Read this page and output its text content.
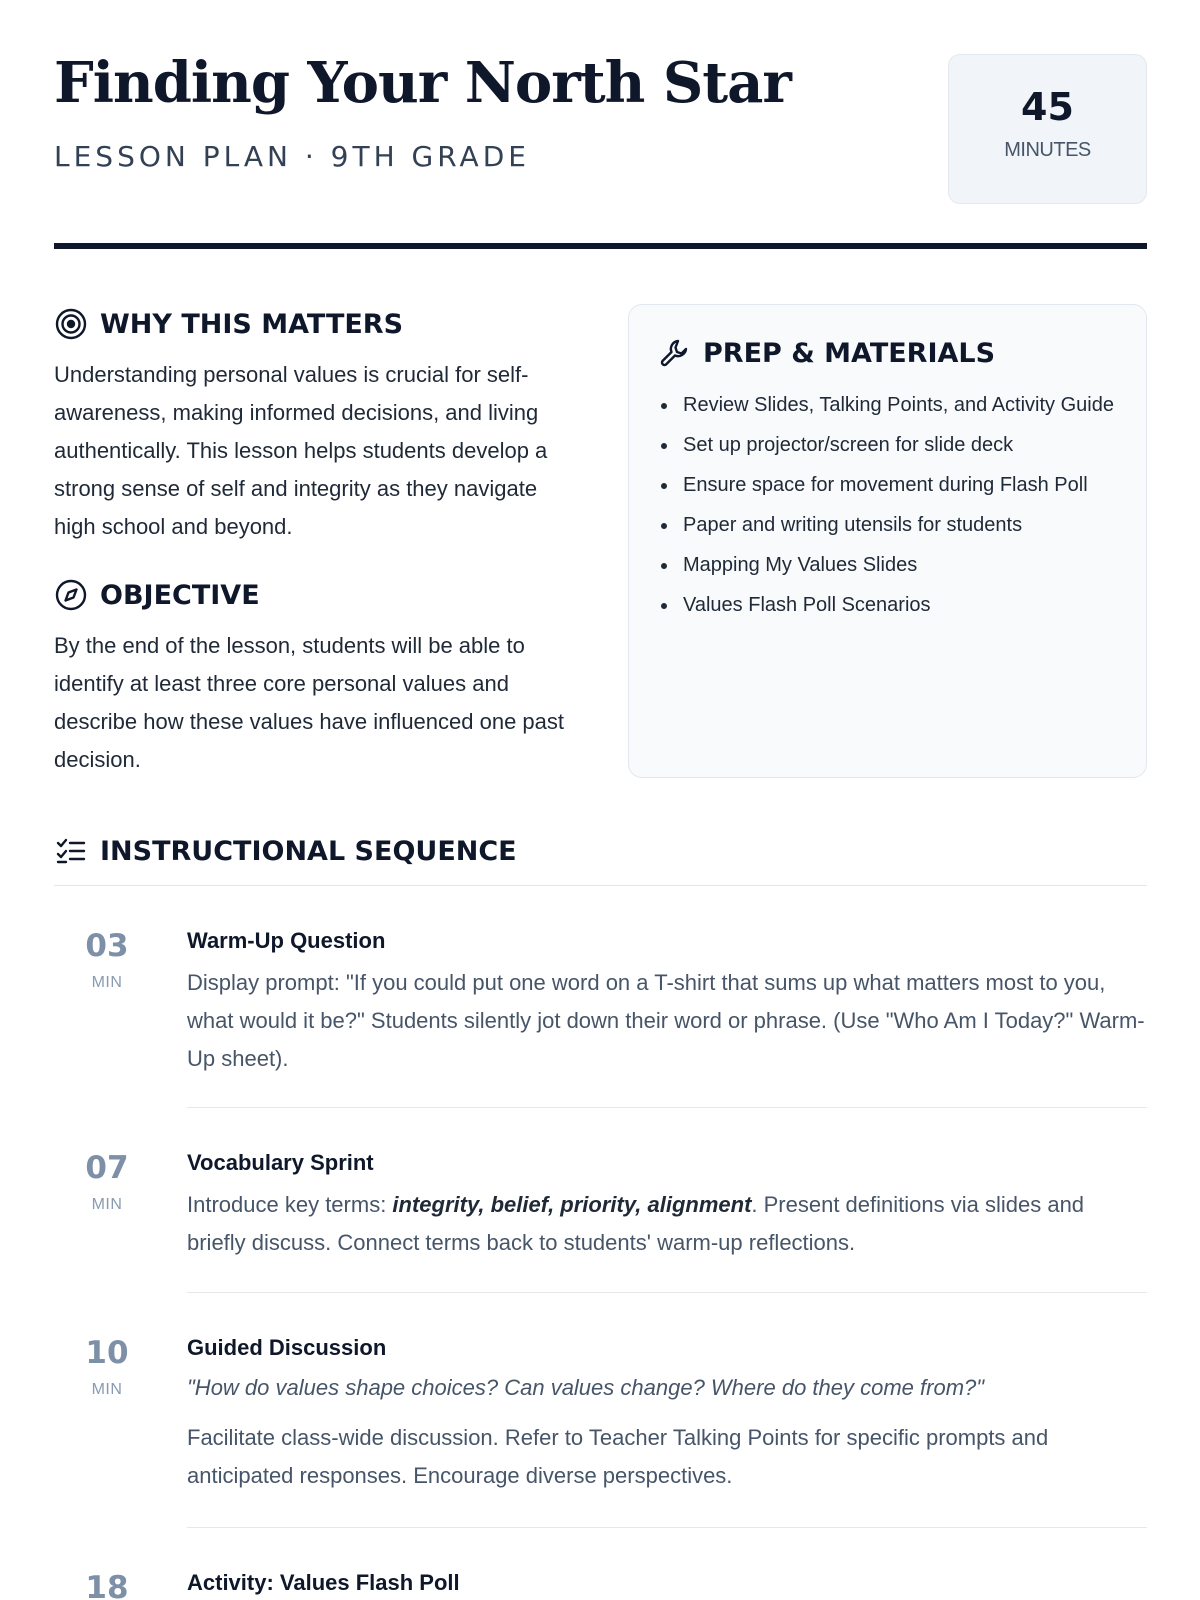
Finding Your North Star
LESSON PLAN · 9TH GRADE
45
MINUTES
WHY THIS MATTERS

Understanding personal values is crucial for self-awareness, making informed decisions, and living authentically. This lesson helps students develop a strong sense of self and integrity as they navigate high school and beyond.

OBJECTIVE

By the end of the lesson, students will be able to identify at least three core personal values and describe how these values have influenced one past decision.

PREP & MATERIALS
Review Slides, Talking Points, and Activity Guide
Set up projector/screen for slide deck
Ensure space for movement during Flash Poll
Paper and writing utensils for students
Mapping My Values Slides
Values Flash Poll Scenarios
INSTRUCTIONAL SEQUENCE
03
MIN
Warm-Up Question

Display prompt: "If you could put one word on a T-shirt that sums up what matters most to you, what would it be?" Students silently jot down their word or phrase. (Use "Who Am I Today?" Warm-Up sheet).

07
MIN
Vocabulary Sprint

Introduce key terms: integrity, belief, priority, alignment. Present definitions via slides and briefly discuss. Connect terms back to students' warm-up reflections.

10
MIN
Guided Discussion

"How do values shape choices? Can values change? Where do they come from?"

Facilitate class-wide discussion. Refer to Teacher Talking Points for specific prompts and anticipated responses. Encourage diverse perspectives.

18	Activity: Values Flash Poll
